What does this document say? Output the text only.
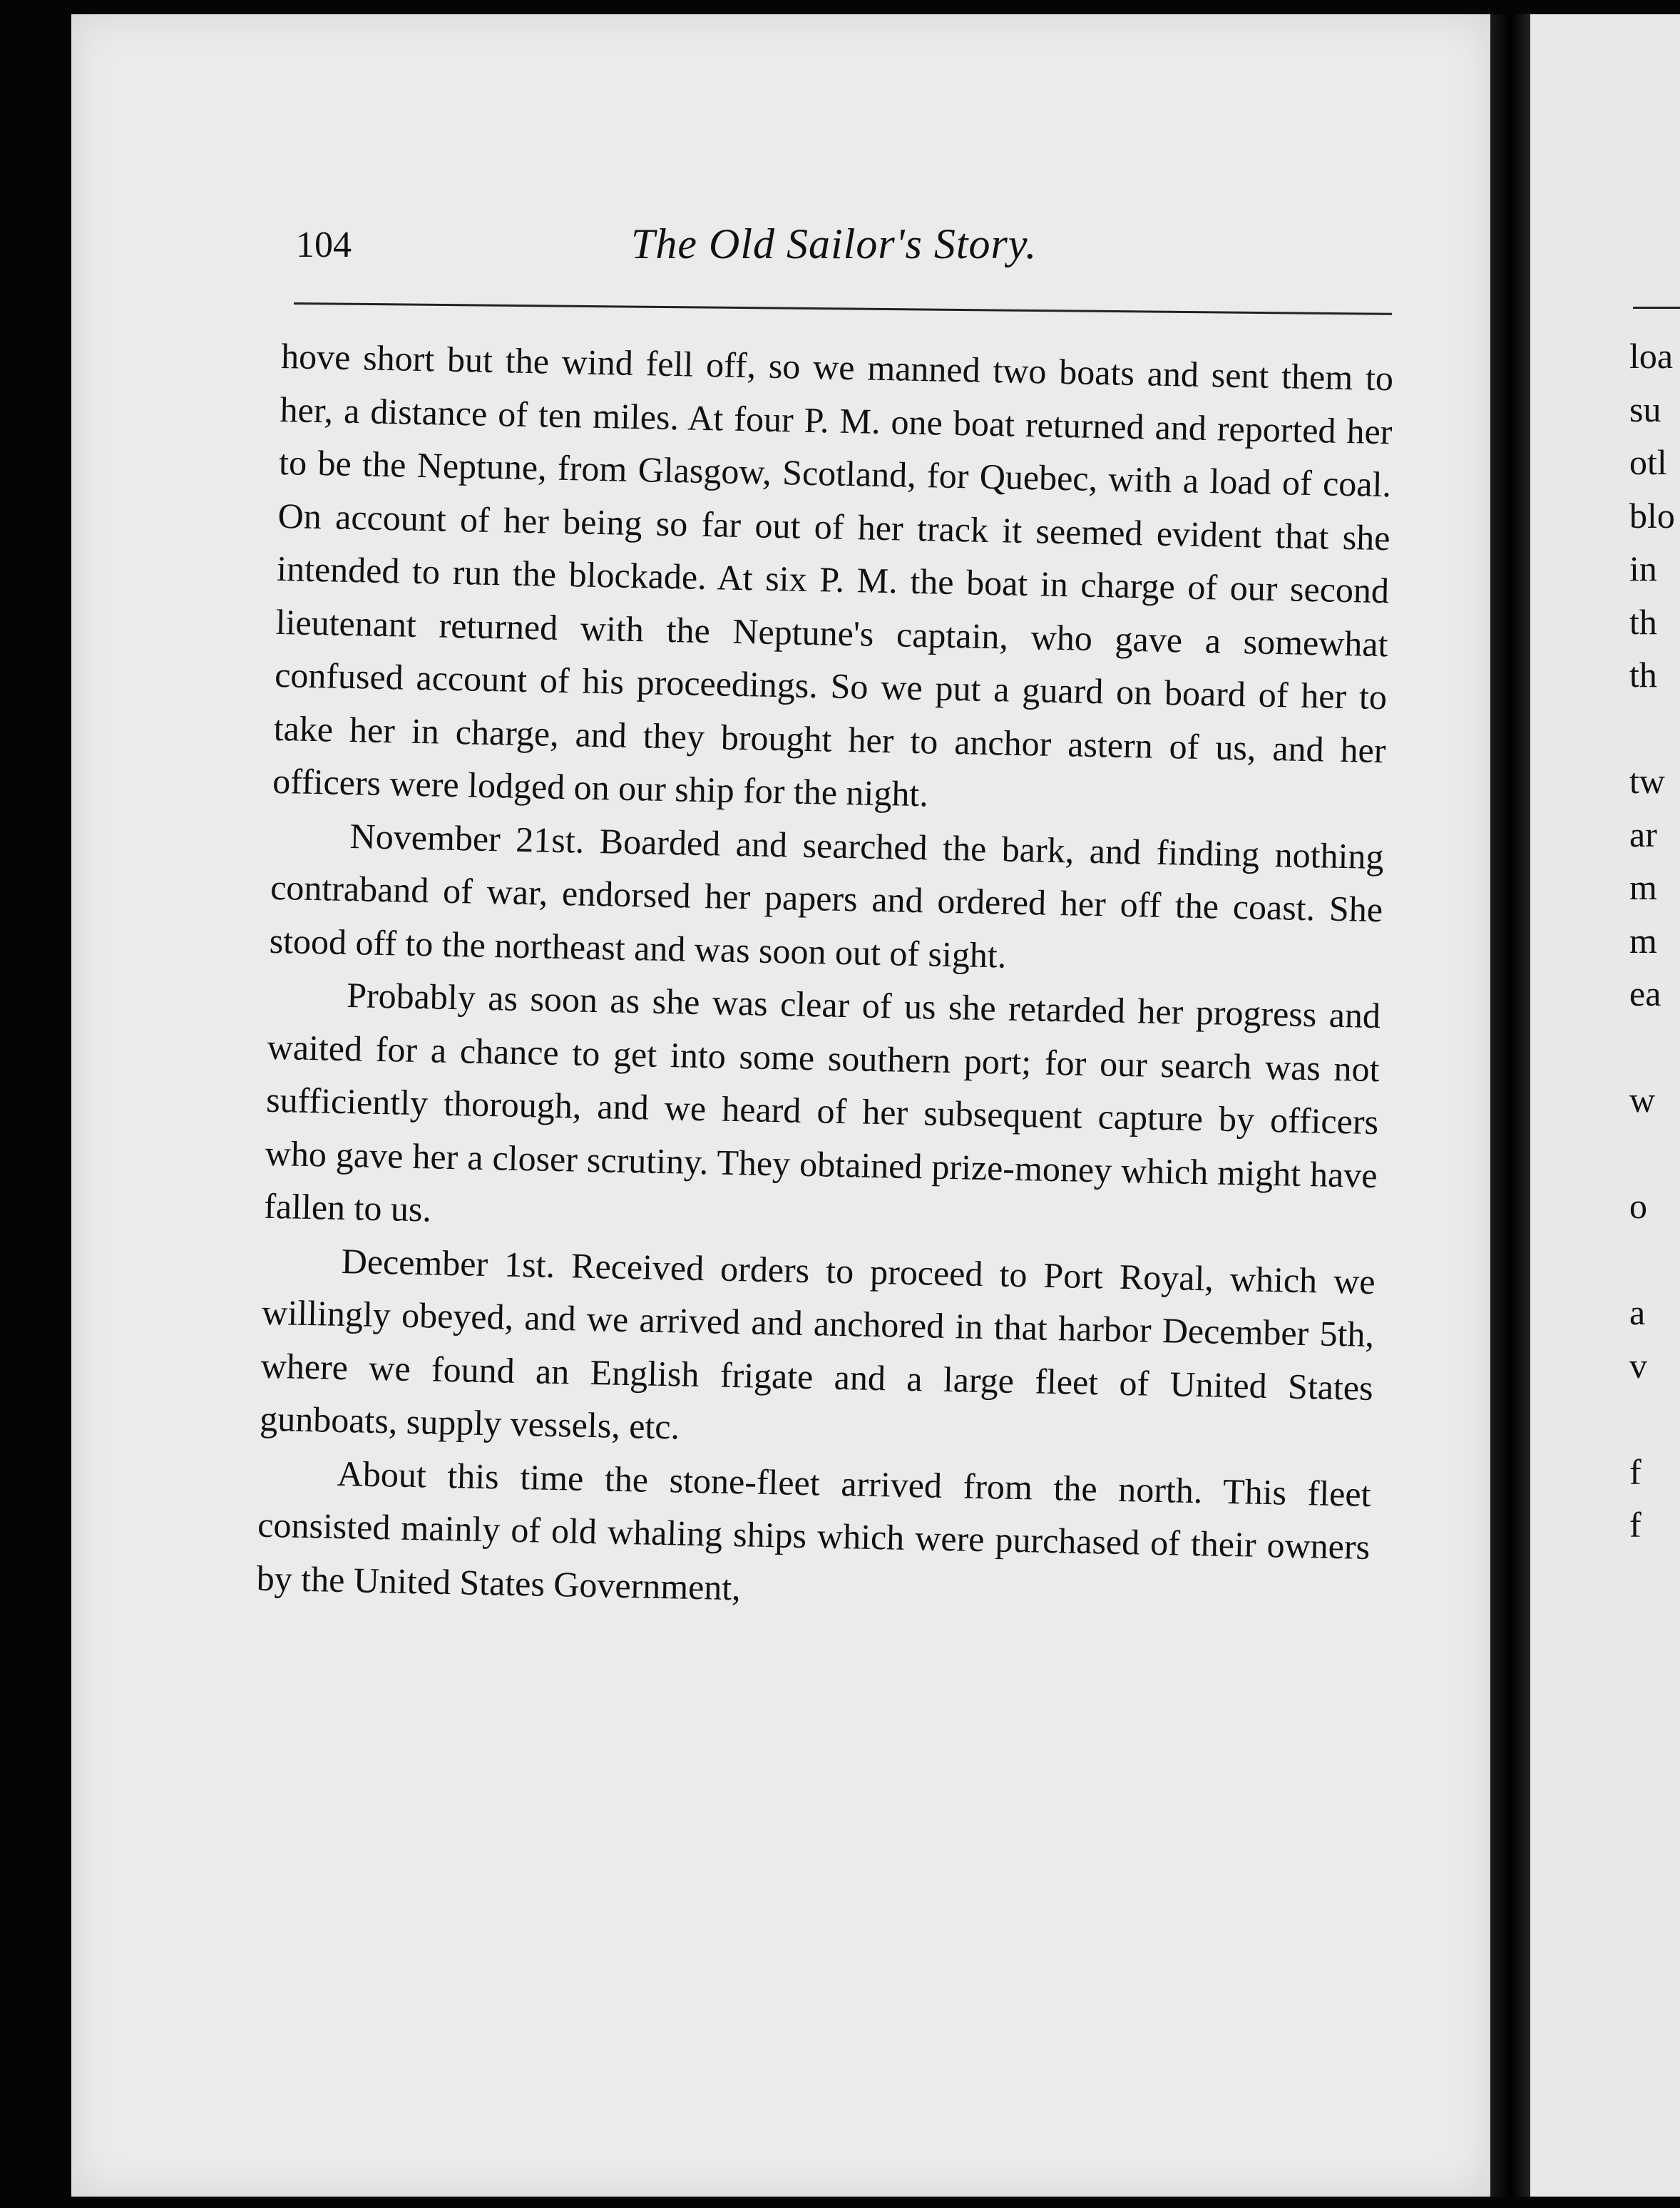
104	The Old Sailor's Story.

hove short but the wind fell off, so we manned two boats and sent them to her, a distance of ten miles. At four P. M. one boat returned and reported her to be the Neptune, from Glasgow, Scotland, for Quebec, with a load of coal. On account of her being so far out of her track it seemed evident that she intended to run the blockade. At six P. M. the boat in charge of our second lieutenant returned with the Neptune's captain, who gave a somewhat confused account of his proceedings. So we put a guard on board of her to take her in charge, and they brought her to anchor astern of us, and her officers were lodged on our ship for the night.

November 21st. Boarded and searched the bark, and finding nothing contraband of war, endorsed her papers and ordered her off the coast. She stood off to the northeast and was soon out of sight.

Probably as soon as she was clear of us she retarded her progress and waited for a chance to get into some southern port; for our search was not sufficiently thorough, and we heard of her subsequent capture by officers who gave her a closer scrutiny. They obtained prize-money which might have fallen to us.

December 1st. Received orders to proceed to Port Royal, which we willingly obeyed, and we arrived and anchored in that harbor December 5th, where we found an English frigate and a large fleet of United States gunboats, supply vessels, etc.

About this time the stone-fleet arrived from the north. This fleet consisted mainly of old whaling ships which were purchased of their owners by the United States Government,

loa
su
otl
blo
in
th
th
tw
ar
m
m
ea
w
o
a
v
f
f
